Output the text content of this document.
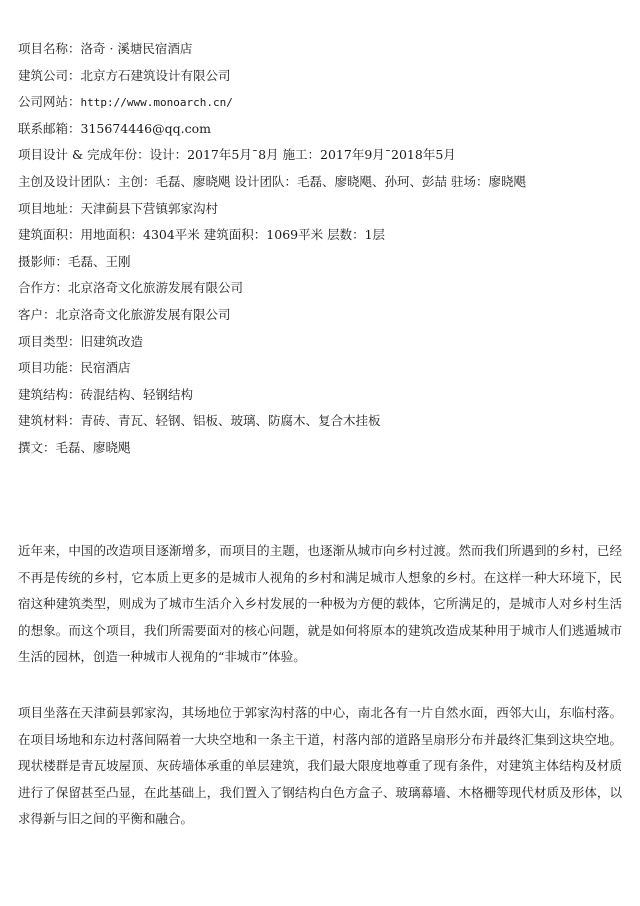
项目名称：洛奇 · 溪塘民宿酒店
建筑公司：北京方石建筑设计有限公司
公司网站：http://www.monoarch.cn/
联系邮箱：315674446@qq.com
项目设计 & 完成年份：设计：2017年5月¯8月 施工：2017年9月¯2018年5月
主创及设计团队：主创：毛磊、廖晓飓 设计团队：毛磊、廖晓飓、孙珂、彭喆 驻场：廖晓飓
项目地址：天津蓟县下营镇郭家沟村
建筑面积：用地面积：4304平米 建筑面积：1069平米 层数：1层
摄影师：毛磊、王刚
合作方：北京洛奇文化旅游发展有限公司
客户：北京洛奇文化旅游发展有限公司
项目类型：旧建筑改造
项目功能：民宿酒店
建筑结构：砖混结构、轻钢结构
建筑材料：青砖、青瓦、轻钢、铝板、玻璃、防腐木、复合木挂板
撰文：毛磊、廖晓飓

近年来，中国的改造项目逐渐增多，而项目的主题，也逐渐从城市向乡村过渡。然而我们所遇到的乡村，已经不再是传统的乡村，它本质上更多的是城市人视角的乡村和满足城市人想象的乡村。在这样一种大环境下，民宿这种建筑类型，则成为了城市生活介入乡村发展的一种极为方便的载体，它所满足的，是城市人对乡村生活的想象。而这个项目，我们所需要面对的核心问题，就是如何将原本的建筑改造成某种用于城市人们逃遁城市生活的园林，创造一种城市人视角的“非城市”体验。

项目坐落在天津蓟县郭家沟，其场地位于郭家沟村落的中心，南北各有一片自然水面，西邻大山，东临村落。在项目场地和东边村落间隔着一大块空地和一条主干道，村落内部的道路呈扇形分布并最终汇集到这块空地。现状楼群是青瓦坡屋顶、灰砖墙体承重的单层建筑，我们最大限度地尊重了现有条件，对建筑主体结构及材质进行了保留甚至凸显，在此基础上，我们置入了钢结构白色方盒子、玻璃幕墙、木格栅等现代材质及形体，以求得新与旧之间的平衡和融合。
